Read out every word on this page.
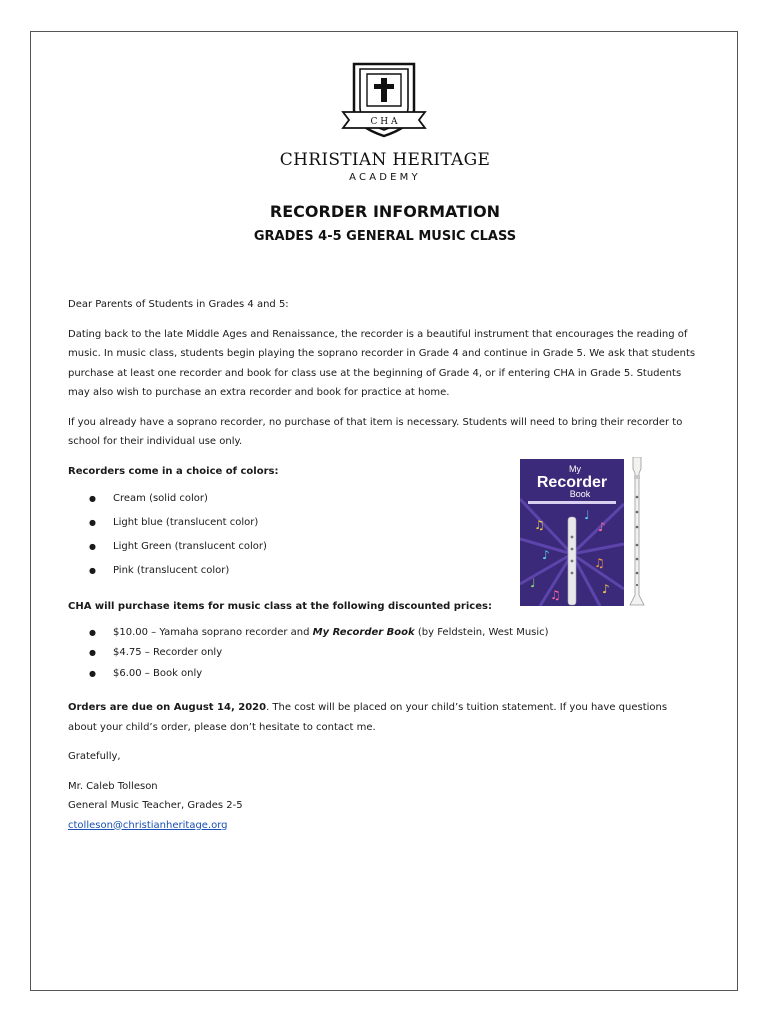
C H A
CHRISTIAN HERITAGE
ACADEMY
RECORDER INFORMATION
GRADES 4-5 GENERAL MUSIC CLASS

Dear Parents of Students in Grades 4 and 5:

Dating back to the late Middle Ages and Renaissance, the recorder is a beautiful instrument that encourages the reading of music. In music class, students begin playing the soprano recorder in Grade 4 and continue in Grade 5. We ask that students purchase at least one recorder and book for class use at the beginning of Grade 4, or if entering CHA in Grade 5. Students may also wish to purchase an extra recorder and book for practice at home.

If you already have a soprano recorder, no purchase of that item is necessary. Students will need to bring their recorder to school for their individual use only.

Recorders come in a choice of colors:

● Cream (solid color)
● Light blue (translucent color)
● Light Green (translucent color)
● Pink (translucent color)

CHA will purchase items for music class at the following discounted prices:

● $10.00 – Yamaha soprano recorder and My Recorder Book (by Feldstein, West Music)
● $4.75 – Recorder only
● $6.00 – Book only

Orders are due on August 14, 2020. The cost will be placed on your child’s tuition statement. If you have questions about your child’s order, please don’t hesitate to contact me.

Gratefully,

Mr. Caleb Tolleson
General Music Teacher, Grades 2-5
ctolleson@christianheritage.org

My
Recorder
Book
♫	♪
♪
♫
♩	♪
♫
♩
